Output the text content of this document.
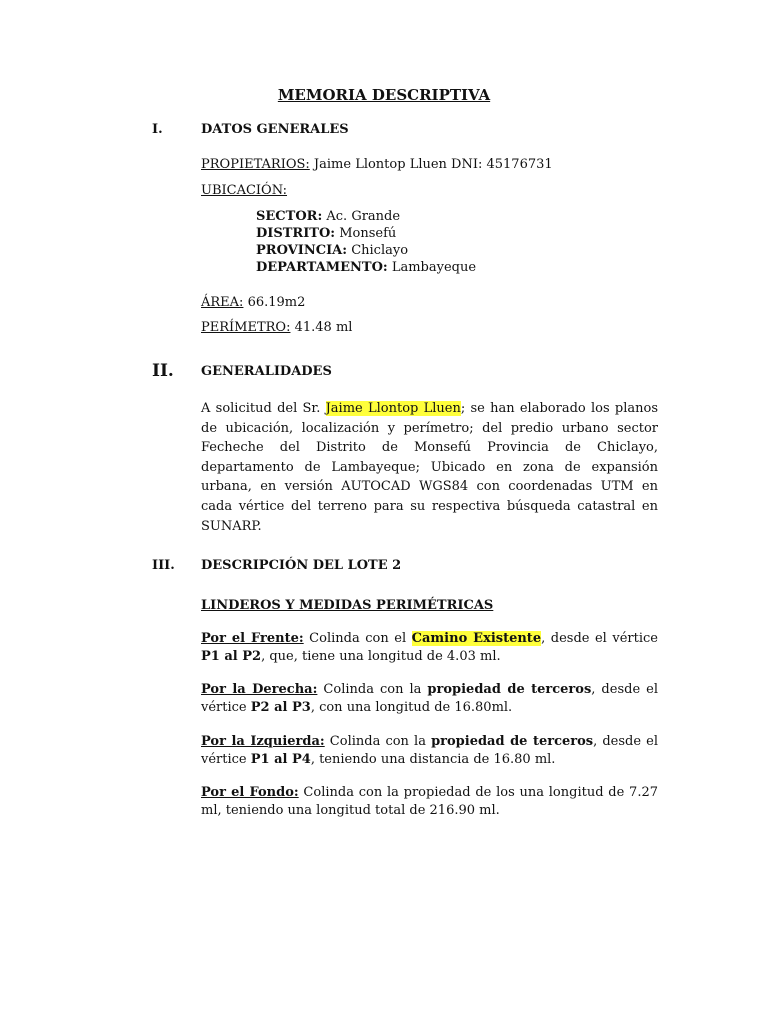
MEMORIA DESCRIPTIVA
I.	DATOS GENERALES
PROPIETARIOS: Jaime Llontop Lluen DNI: 45176731
UBICACIÓN:
SECTOR: Ac. Grande
DISTRITO: Monsefú
PROVINCIA: Chiclayo
DEPARTAMENTO: Lambayeque
ÁREA: 66.19m2
PERÍMETRO: 41.48 ml
II. GENERALIDADES
A solicitud del Sr. Jaime Llontop Lluen; se han elaborado los planos de ubicación, localización y perímetro; del predio urbano sector Fecheche del Distrito de Monsefú Provincia de Chiclayo, departamento de Lambayeque; Ubicado en zona de expansión urbana, en versión AUTOCAD WGS84 con coordenadas UTM en cada vértice del terreno para su respectiva búsqueda catastral en SUNARP.
III. DESCRIPCIÓN DEL LOTE 2
LINDEROS Y MEDIDAS PERIMÉTRICAS
Por el Frente: Colinda con el Camino Existente, desde el vértice P1 al P2, que, tiene una longitud de 4.03 ml.
Por la Derecha: Colinda con la propiedad de terceros, desde el vértice P2 al P3, con una longitud de 16.80ml.
Por la Izquierda: Colinda con la propiedad de terceros, desde el vértice P1 al P4, teniendo una distancia de 16.80 ml.
Por el Fondo: Colinda con la propiedad de los una longitud de 7.27 ml, teniendo una longitud total de 216.90 ml.
